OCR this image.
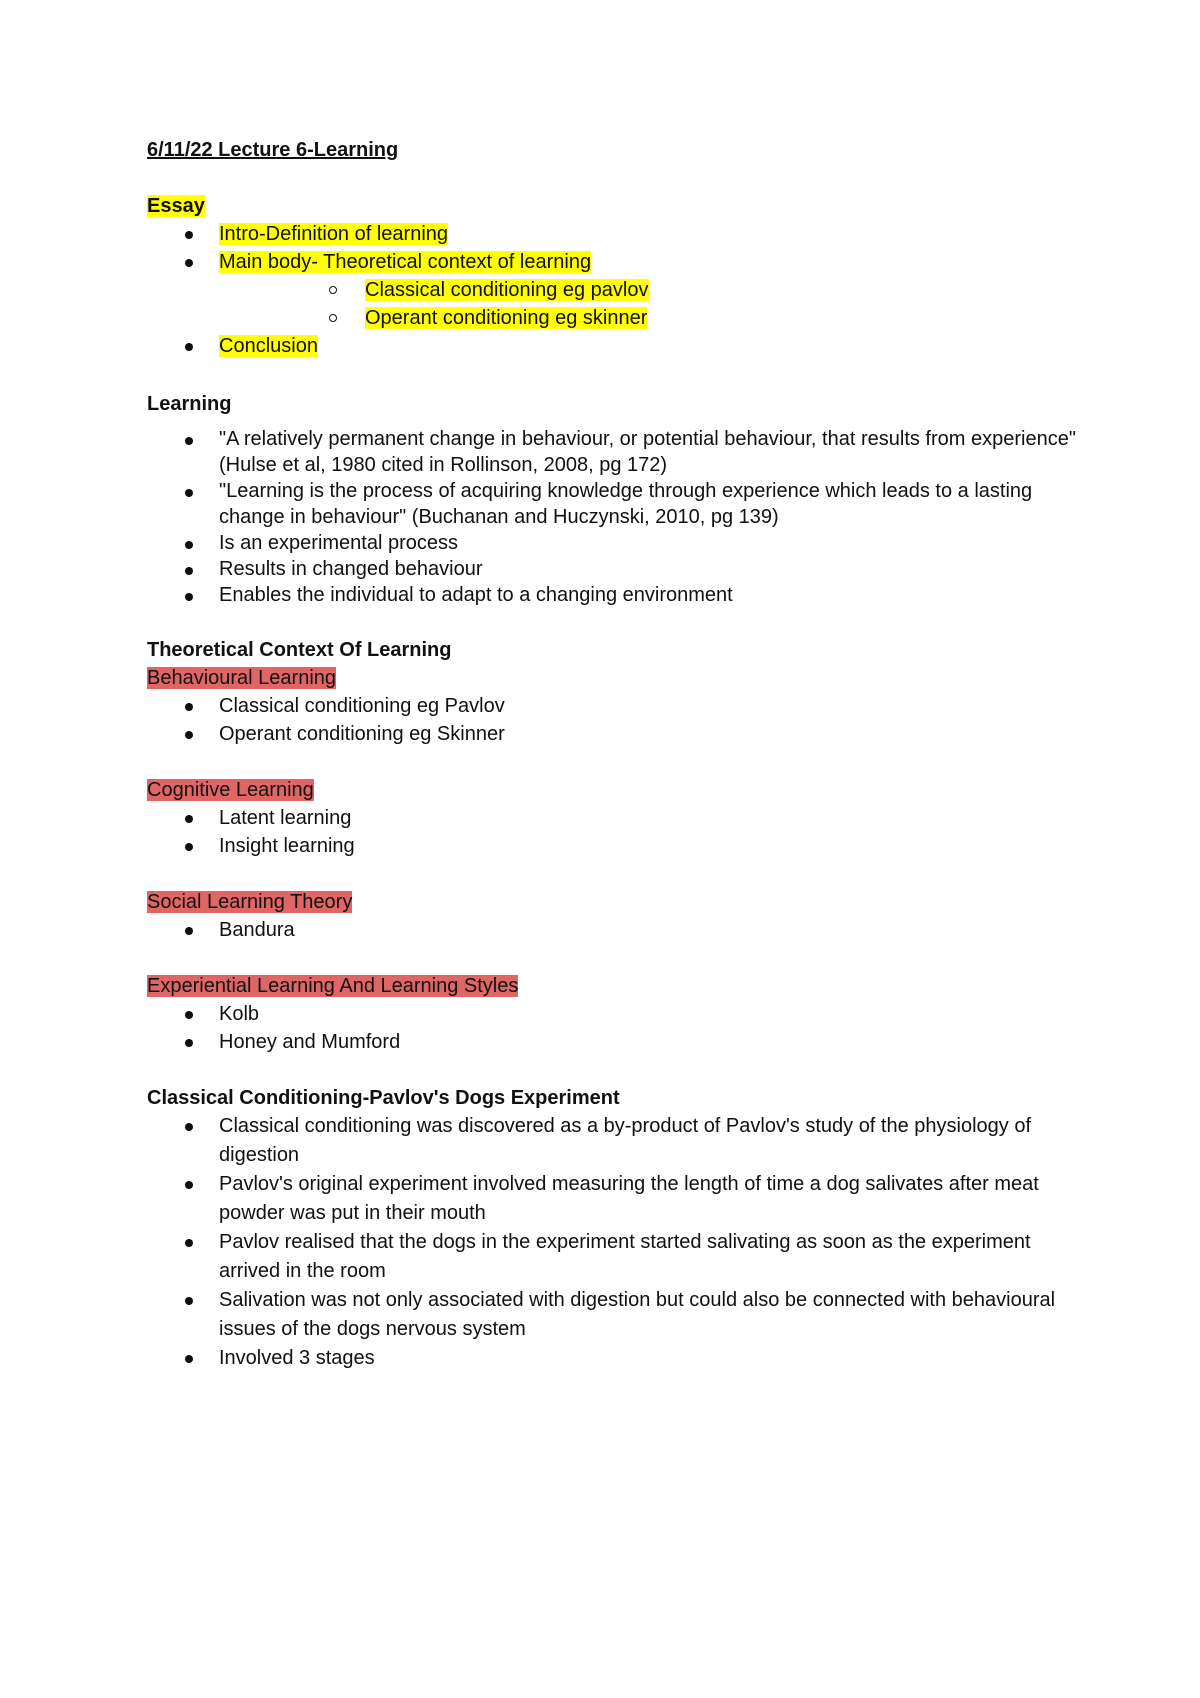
6/11/22 Lecture 6-Learning
Essay
Intro-Definition of learning
Main body- Theoretical context of learning
Classical conditioning eg pavlov
Operant conditioning eg skinner
Conclusion
Learning
"A relatively permanent change in behaviour, or potential behaviour, that results from experience" (Hulse et al, 1980 cited in Rollinson, 2008, pg 172)
"Learning is the process of acquiring knowledge through experience which leads to a lasting change in behaviour" (Buchanan and Huczynski, 2010, pg 139)
Is an experimental process
Results in changed behaviour
Enables the individual to adapt to a changing environment
Theoretical Context Of Learning
Behavioural Learning
Classical conditioning eg Pavlov
Operant conditioning eg Skinner
Cognitive Learning
Latent learning
Insight learning
Social Learning Theory
Bandura
Experiential Learning And Learning Styles
Kolb
Honey and Mumford
Classical Conditioning-Pavlov's Dogs Experiment
Classical conditioning was discovered as a by-product of Pavlov's study of the physiology of digestion
Pavlov's original experiment involved measuring the length of time a dog salivates after meat powder was put in their mouth
Pavlov realised that the dogs in the experiment started salivating as soon as the experiment arrived in the room
Salivation was not only associated with digestion but could also be connected with behavioural issues of the dogs nervous system
Involved 3 stages
